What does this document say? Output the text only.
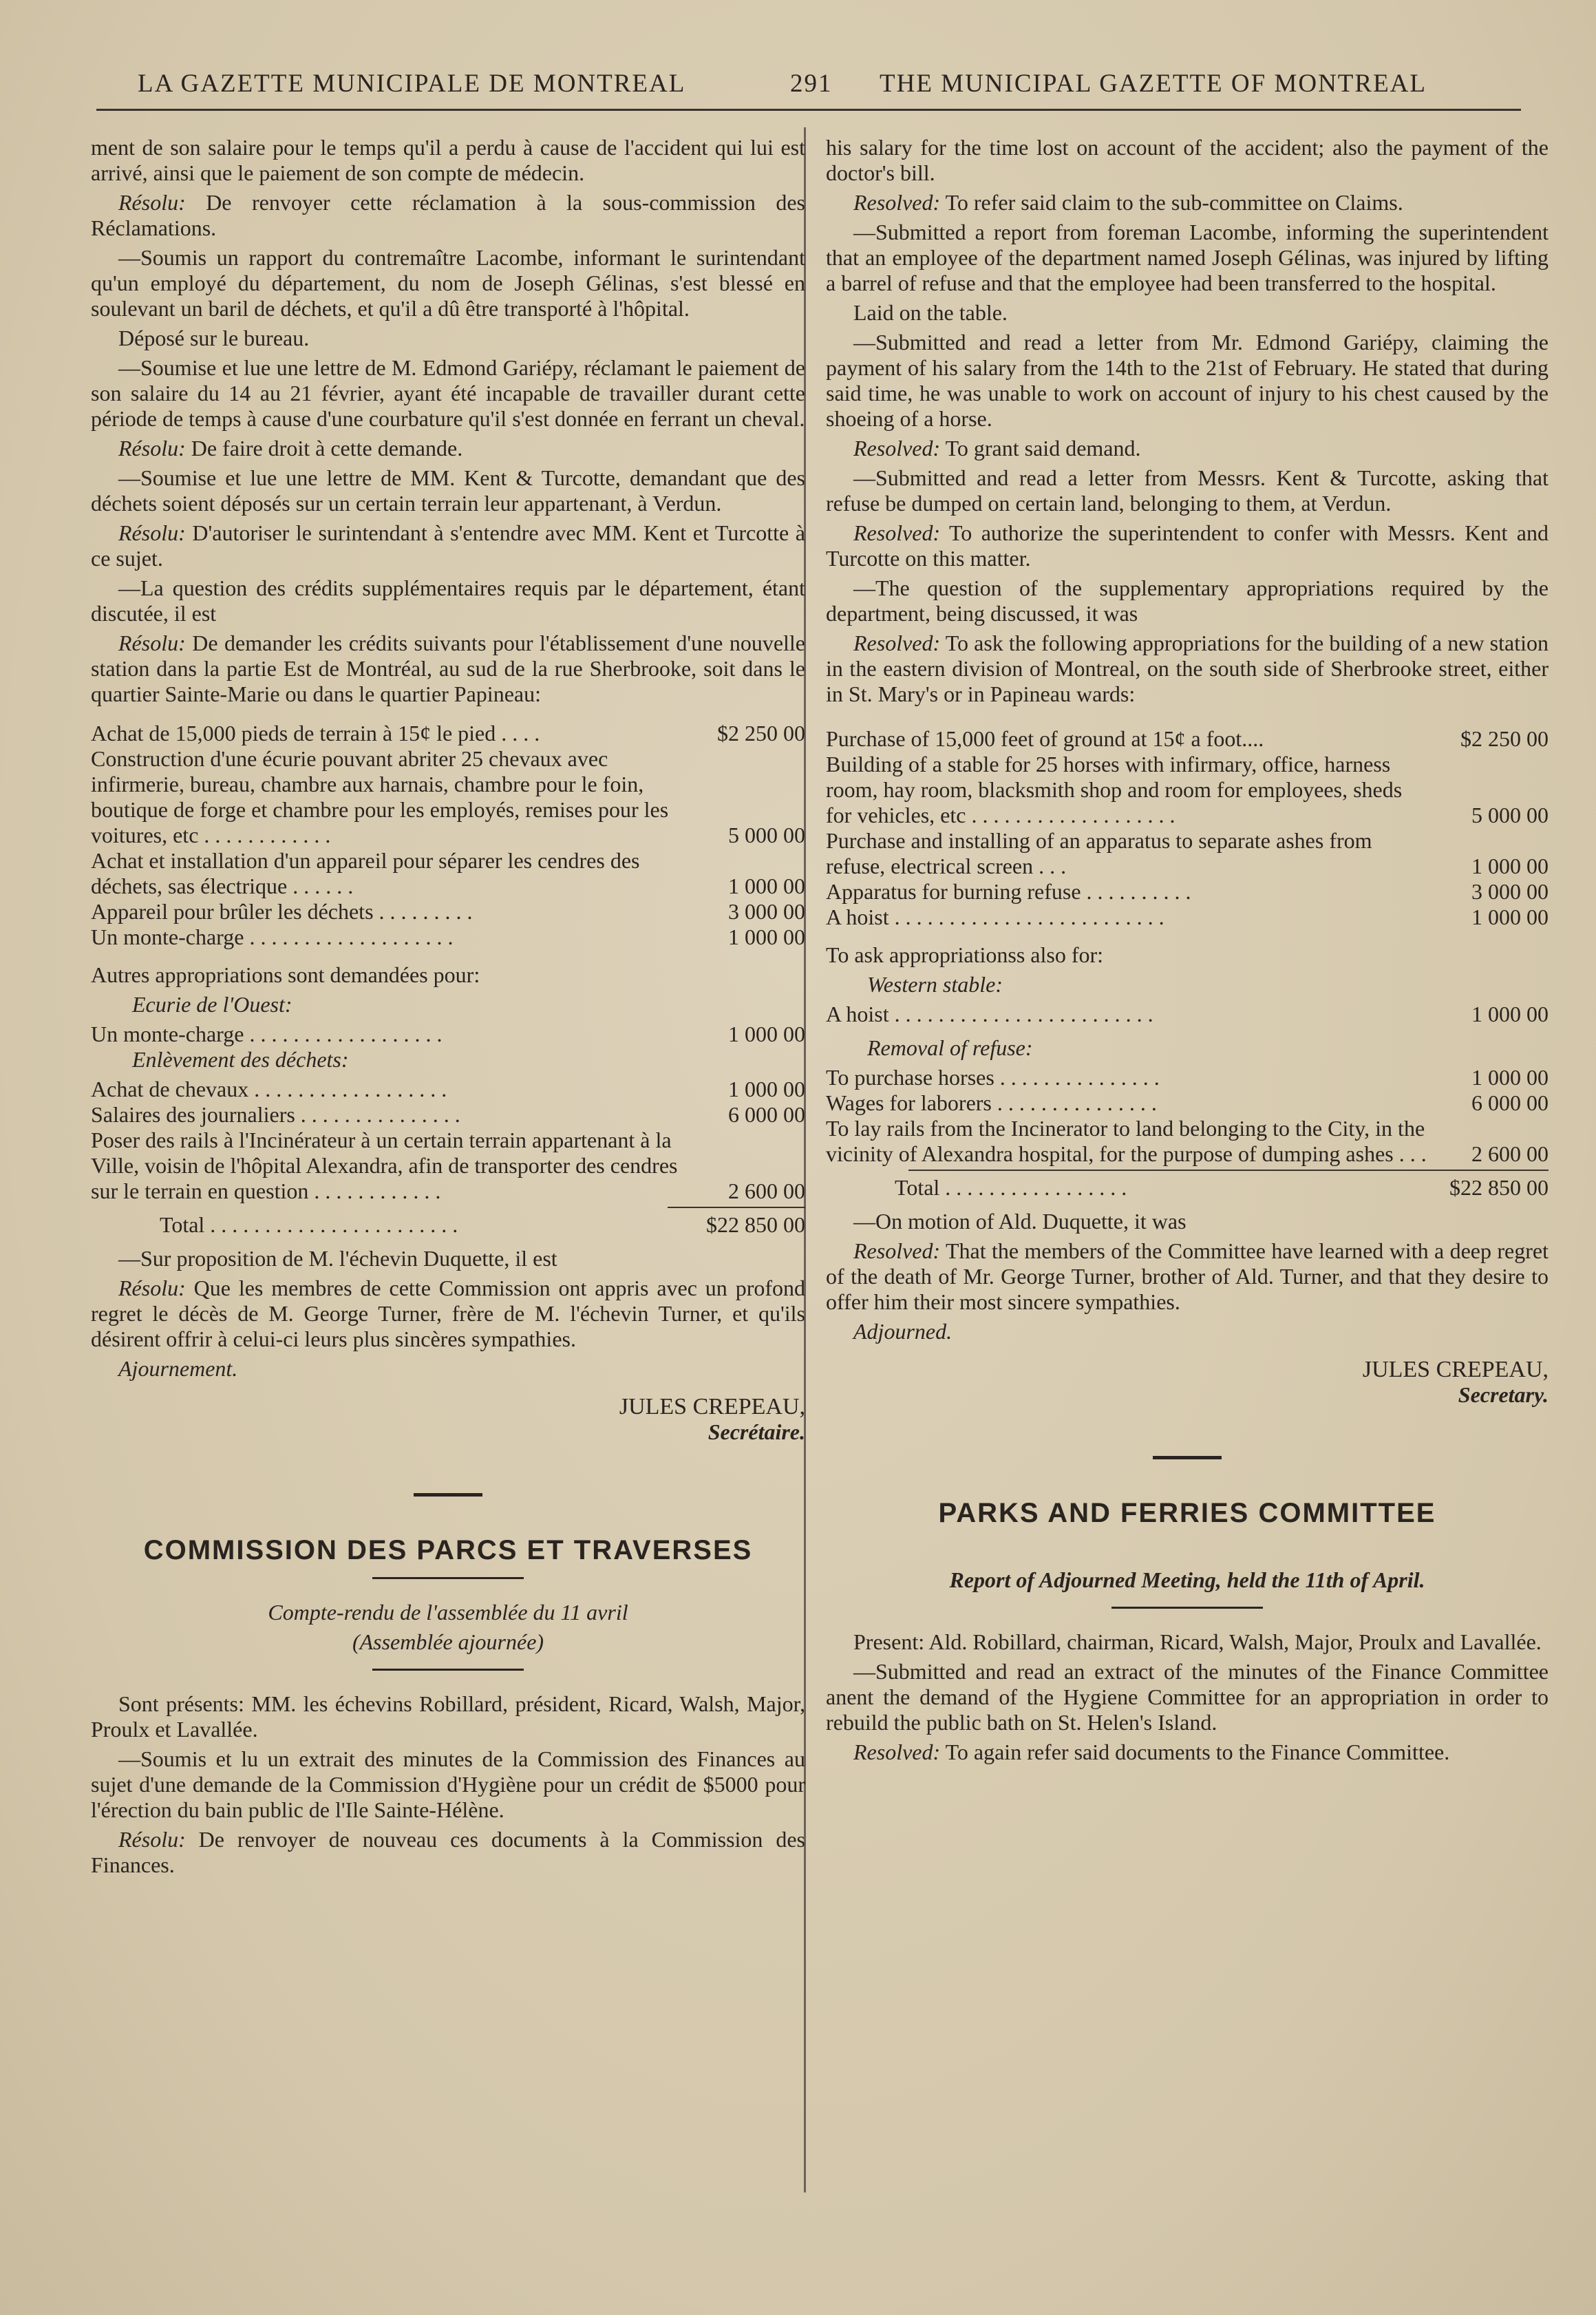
LA GAZETTE MUNICIPALE DE MONTREAL	291 THE MUNICIPAL GAZETTE OF MONTREAL

ment de son salaire pour le temps qu'il a perdu à cause de l'accident qui lui est arrivé, ainsi que le paiement de son compte de médecin.

Résolu: De renvoyer cette réclamation à la sous-commission des Réclamations.

—Soumis un rapport du contremaître Lacombe, informant le surintendant qu'un employé du département, du nom de Joseph Gélinas, s'est blessé en soulevant un baril de déchets, et qu'il a dû être transporté à l'hôpital.

Déposé sur le bureau.

—Soumise et lue une lettre de M. Edmond Gariépy, réclamant le paiement de son salaire du 14 au 21 février, ayant été incapable de travailler durant cette période de temps à cause d'une courbature qu'il s'est donnée en ferrant un cheval.

Résolu: De faire droit à cette demande.

—Soumise et lue une lettre de MM. Kent & Turcotte, demandant que des déchets soient déposés sur un certain terrain leur appartenant, à Verdun.

Résolu: D'autoriser le surintendant à s'entendre avec MM. Kent et Turcotte à ce sujet.

—La question des crédits supplémentaires requis par le département, étant discutée, il est

Résolu: De demander les crédits suivants pour l'établissement d'une nouvelle station dans la partie Est de Montréal, au sud de la rue Sherbrooke, soit dans le quartier Sainte-Marie ou dans le quartier Papineau:

Achat de 15,000 pieds de terrain à 15¢ le pied . . . .	$2 250 00
Construction d'une écurie pouvant abriter 25 chevaux avec infirmerie, bureau, chambre aux harnais, chambre pour le foin, boutique de forge et chambre pour les employés, remises pour les voitures, etc . . . . . . . . . . . .	5 000 00
Achat et installation d'un appareil pour séparer les cendres des déchets, sas électrique . . . . . .	1 000 00
Appareil pour brûler les déchets . . . . . . . . .	3 000 00
Un monte-charge . . . . . . . . . . . . . . . . . . .	1 000 00

Autres appropriations sont demandées pour:

Ecurie de l'Ouest:

Un monte-charge . . . . . . . . . . . . . . . . . .	1 000 00

Enlèvement des déchets:

Achat de chevaux . . . . . . . . . . . . . . . . . .	1 000 00
Salaires des journaliers . . . . . . . . . . . . . . .	6 000 00
Poser des rails à l'Incinérateur à un certain terrain appartenant à la Ville, voisin de l'hôpital Alexandra, afin de transporter des cendres sur le terrain en question . . . . . . . . . . . .	2 600 00
Total . . . . . . . . . . . . . . . . . . . . . . .	$22 850 00

—Sur proposition de M. l'échevin Duquette, il est

Résolu: Que les membres de cette Commission ont appris avec un profond regret le décès de M. George Turner, frère de M. l'échevin Turner, et qu'ils désirent offrir à celui-ci leurs plus sincères sympathies.

Ajournement.

JULES CREPEAU,
Secrétaire.
COMMISSION DES PARCS ET TRAVERSES

Compte-rendu de l'assemblée du 11 avril

(Assemblée ajournée)

Sont présents: MM. les échevins Robillard, président, Ricard, Walsh, Major, Proulx et Lavallée.

—Soumis et lu un extrait des minutes de la Commission des Finances au sujet d'une demande de la Commission d'Hygiène pour un crédit de $5000 pour l'érection du bain public de l'Ile Sainte-Hélène.

Résolu: De renvoyer de nouveau ces documents à la Commission des Finances.

his salary for the time lost on account of the accident; also the payment of the doctor's bill.

Resolved: To refer said claim to the sub-committee on Claims.

—Submitted a report from foreman Lacombe, informing the superintendent that an employee of the department named Joseph Gélinas, was injured by lifting a barrel of refuse and that the employee had been transferred to the hospital.

Laid on the table.

—Submitted and read a letter from Mr. Edmond Gariépy, claiming the payment of his salary from the 14th to the 21st of February. He stated that during said time, he was unable to work on account of injury to his chest caused by the shoeing of a horse.

Resolved: To grant said demand.

—Submitted and read a letter from Messrs. Kent & Turcotte, asking that refuse be dumped on certain land, belonging to them, at Verdun.

Resolved: To authorize the superintendent to confer with Messrs. Kent and Turcotte on this matter.

—The question of the supplementary appropriations required by the department, being discussed, it was

Resolved: To ask the following appropriations for the building of a new station in the eastern division of Montreal, on the south side of Sherbrooke street, either in St. Mary's or in Papineau wards:

Purchase of 15,000 feet of ground at 15¢ a foot....	$2 250 00
Building of a stable for 25 horses with infirmary, office, harness room, hay room, blacksmith shop and room for employees, sheds for vehicles, etc . . . . . . . . . . . . . . . . . . .	5 000 00
Purchase and installing of an apparatus to separate ashes from refuse, electrical screen . . .	1 000 00
Apparatus for burning refuse . . . . . . . . . .	3 000 00
A hoist . . . . . . . . . . . . . . . . . . . . . . . . .	1 000 00

To ask appropriationss also for:

Western stable:

A hoist . . . . . . . . . . . . . . . . . . . . . . . .	1 000 00

Removal of refuse:

To purchase horses . . . . . . . . . . . . . . .	1 000 00
Wages for laborers . . . . . . . . . . . . . . .	6 000 00
To lay rails from the Incinerator to land belonging to the City, in the vicinity of Alexandra hospital, for the purpose of dumping ashes . . .	2 600 00
Total . . . . . . . . . . . . . . . . .	$22 850 00

—On motion of Ald. Duquette, it was

Resolved: That the members of the Committee have learned with a deep regret of the death of Mr. George Turner, brother of Ald. Turner, and that they desire to offer him their most sincere sympathies.

Adjourned.

JULES CREPEAU,
Secretary.
PARKS AND FERRIES COMMITTEE

Report of Adjourned Meeting, held the 11th of April.

Present: Ald. Robillard, chairman, Ricard, Walsh, Major, Proulx and Lavallée.

—Submitted and read an extract of the minutes of the Finance Committee anent the demand of the Hygiene Committee for an appropriation in order to rebuild the public bath on St. Helen's Island.

Resolved: To again refer said documents to the Finance Committee.
